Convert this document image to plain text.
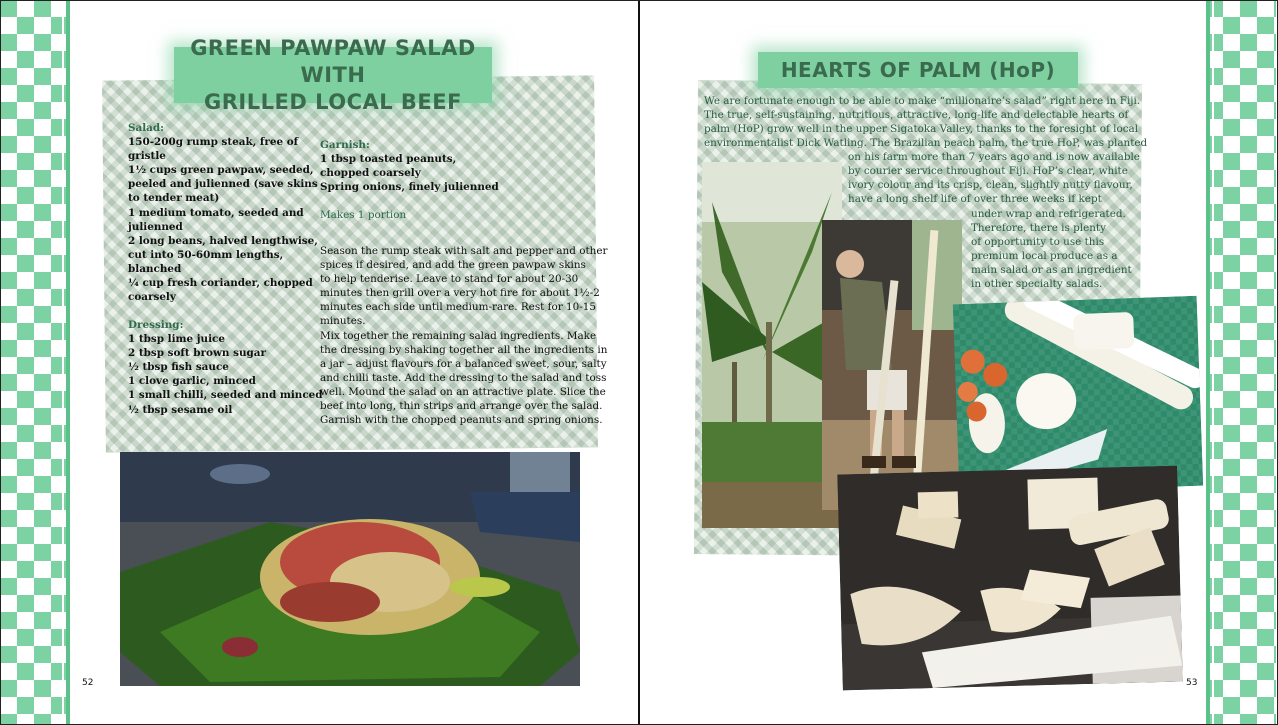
GREEN PAWPAW SALAD WITH
GRILLED LOCAL BEEF
Salad:
150-200g rump steak, free of
gristle
1½ cups green pawpaw, seeded,
peeled and julienned (save skins
to tender meat)
1 medium tomato, seeded and
julienned
2 long beans, halved lengthwise,
cut into 50-60mm lengths,
blanched
¼ cup fresh coriander, chopped
coarsely
Dressing:
1 tbsp lime juice
2 tbsp soft brown sugar
½ tbsp fish sauce
1 clove garlic, minced
1 small chilli, seeded and minced
½ tbsp sesame oil
Garnish:
1 tbsp toasted peanuts,
chopped coarsely
Spring onions, finely julienned
Makes 1 portion
Season the rump steak with salt and pepper and other
spices if desired, and add the green pawpaw skins
to help tenderise. Leave to stand for about 20-30
minutes then grill over a very hot fire for about 1½-2
minutes each side until medium-rare. Rest for 10-15
minutes.
Mix together the remaining salad ingredients. Make
the dressing by shaking together all the ingredients in
a jar – adjust flavours for a balanced sweet, sour, salty
and chilli taste. Add the dressing to the salad and toss
well. Mound the salad on an attractive plate. Slice the
beef into long, thin strips and arrange over the salad.
Garnish with the chopped peanuts and spring onions.
52
HEARTS OF PALM (HoP)
We are fortunate enough to be able to make “millionaire’s salad” right here in Fiji.
The true, self-sustaining, nutritious, attractive, long-life and delectable hearts of
palm (HoP) grow well in the upper Sigatoka Valley, thanks to the foresight of local
environmentalist Dick Watling. The Brazilian peach palm, the true HoP, was planted
on his farm more than 7 years ago and is now available
by courier service throughout Fiji. HoP’s clear, white
ivory colour and its crisp, clean, slightly nutty flavour,
have a long shelf life of over three weeks if kept
under wrap and refrigerated.
Therefore, there is plenty
of opportunity to use this
premium local produce as a
main salad or as an ingredient
in other specialty salads.
53
